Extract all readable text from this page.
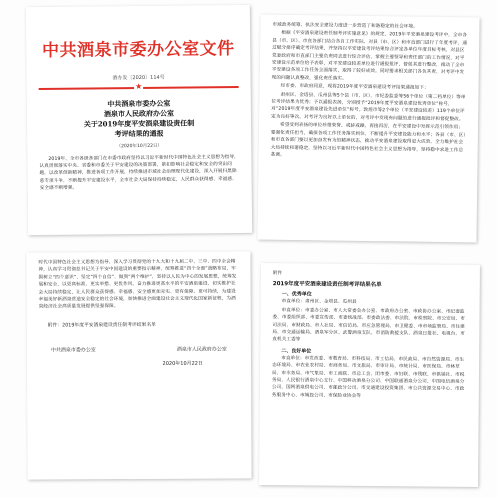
中共酒泉市委办公室文件
酒办发〔2020〕114号
★
中共酒泉市委办公室
酒泉市人民政府办公室
关于2019年度平安酒泉建设责任制
考评结果的通报
（2020年10月22日）

2019年，全市各级各部门在市委市政府坚持以习近平新时代中国特色社会主义思想为指导，认真贯彻落实中央、省委和市委关于平安建设的决策部署，紧扣影响社会稳定和安全的突出问题，以改革创新精神，推进各项工作开展，持续推进市域社会治理现代化建设，深入开展扫黑除恶专项斗争，不断提升平安建设水平，全市社会大局保持持续稳定，人民群众获得感、幸福感、安全感不断增强。

市域政务统筹、执法安全建设力度进一步营造了和谐稳定的社会环境。

根据《平安酒泉建设责任制考评实施意见》的规定，2019年平安酒泉建设考评中，全市各县（市、区）、市直各部门结合各自工作实际，对县（市、区）和市直部门进行了年度考评，通过赋分排序确定考评结果，并坚持以平安建设考评结果综合评定各单位年度目标考核，对县区党委政府和市直部门主要负责同志进行综合评估，掌握主要领导和责任部门的工作情况，对平安建设示范单位给予表彰，对平安建设较差单位进行通报批评，督促其进行整改，推动了全市平安建设各项工作任务全面落实，取得了较好成效。同时要求相关部门各负其责，对考评中发现的问题认真整改，强化责任落实。

经市委、市政府同意，现将2019年度平安酒泉建设考评结果通报如下：

肃州区、金塔县、瓜州县等5个县（市、区），市纪委监委等56个单位（第二档单位）等单位考评结果为优秀；予以通报表扬，分别授予“2019年度平安酒泉建设优秀单位”称号，对“2019年度平安酒泉建设先进单位”称号。敦煌市等2个单位（平安建设较差）119个单位评定为良好等次。对考评为良好以上单位的，对考评中发现有问题的进行通报批评和督促整改。

希望受到表扬的单位珍惜荣誉、戒骄戒躁、再接再厉，在平安建设中发挥示范引领作用；要强化责任担当，确保各项工作任务落实到位，不断提升平安建设能力和水平；各县（市、区）和市直各部门要以更加奋发有为的精神状态，推动平安酒泉建设取得更大成效，全力维护社会大局持续和谐稳定，坚持以习近平新时代中国特色社会主义思想为指导，坚持稳中求进工作总基调。

时代中国特色社会主义思想为指导，深入学习贯彻党的十九大和十九届二中、三中、四中全会精神，认真学习贯彻总书记关于平安中国建设的重要指示精神，统筹推进“四个全面”战略布局，牢固树立“四个意识”、坚定“四个自信”、做到“两个维护”，坚持以人民为中心的发展思想，统筹发展和安全，以更高标准、更实举措、更优作风，奋力推进更高水平的平安酒泉建设，切实维护社会大局持续稳定，让人民群众获得感、幸福感、安全感更加充实、更有保障、更可持续，为建设幸福美好新酒泉营造安全稳定的社会环境，加快推进全面建设社会主义现代化国家新征程，为酒泉经济社会高质量发展提供坚强保障。

附件：2019年度平安酒泉建设责任制考评结果名单
中共酒泉市委办公室	酒泉市人民政府办公室
2020年10月22日
附件
2019年度平安酒泉建设责任制考评结果名单
一、优秀单位

市直单位：肃州区、金塔县、瓜州县

市直单位：市委办公室、市人大常委会办公室、市政府办公室、市政协办公室、市纪委监委、市委组织部、市委宣传部、市委统战部、市委政法委、市法院、市检察院、市公安局、市司法局、市财政局、市人社局、市信访局、市应急管理局、市卫健委、市市场监管局、市住建局、市交通运输局、酒泉军分区、武警酒泉支队、市消防救援支队、酒泉日报社、电视台、市直机关工委等

二、良好单位

市直单位：市发改委、市教育局、市科技局、市工信局、市民政局、市自然资源局、市生态环境局、市农业农村局、市商务局、市文旅局、市审计局、市统计局、市医保局、市林草局、市水务局、市气象局、市工商联、市总工会、团市委、市妇联、市残联、市供销社、市税务局、人民银行酒泉中心支行、中国移动酒泉分公司、中国联通酒泉分公司、中国电信酒泉分公司、国网酒泉供电公司、市邮政分公司、市交通建设投资集团、市公共资源交易中心、市政务服务中心、市城投公司、市保险业协会等
